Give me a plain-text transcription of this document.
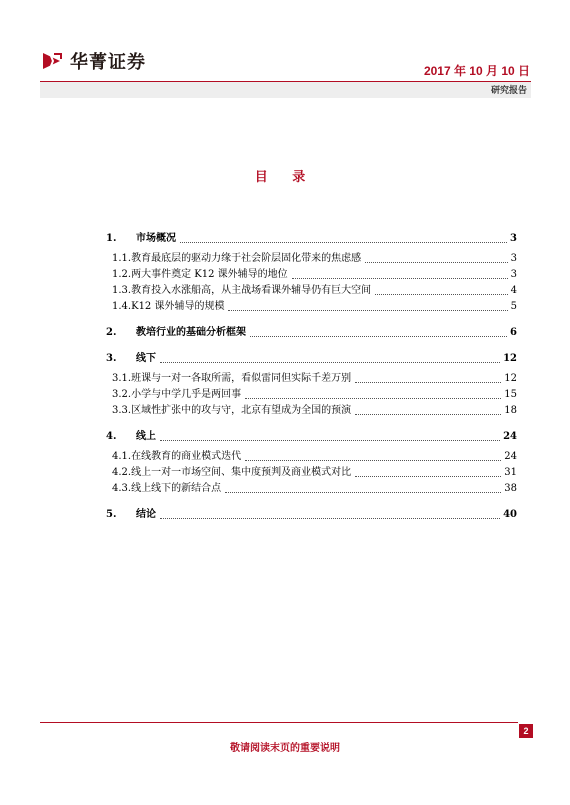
华菁证券	2017 年 10 月 10 日
研究报告
目 录
1.	市场概况	3
1.1. 教育最底层的驱动力缘于社会阶层固化带来的焦虑感	3
1.2. 两大事件奠定 K12 课外辅导的地位	3
1.3. 教育投入水涨船高，从主战场看课外辅导仍有巨大空间	4
1.4. K12 课外辅导的规模	5
2.	教培行业的基础分析框架	6
3.	线下	12
3.1. 班课与一对一各取所需，看似雷同但实际千差万别	12
3.2. 小学与中学几乎是两回事	15
3.3. 区域性扩张中的攻与守，北京有望成为全国的预演	18
4.	线上	24
4.1. 在线教育的商业模式迭代	24
4.2. 线上一对一市场空间、集中度预判及商业模式对比	31
4.3. 线上线下的新结合点	38
5.	结论	40
2
敬请阅读末页的重要说明
